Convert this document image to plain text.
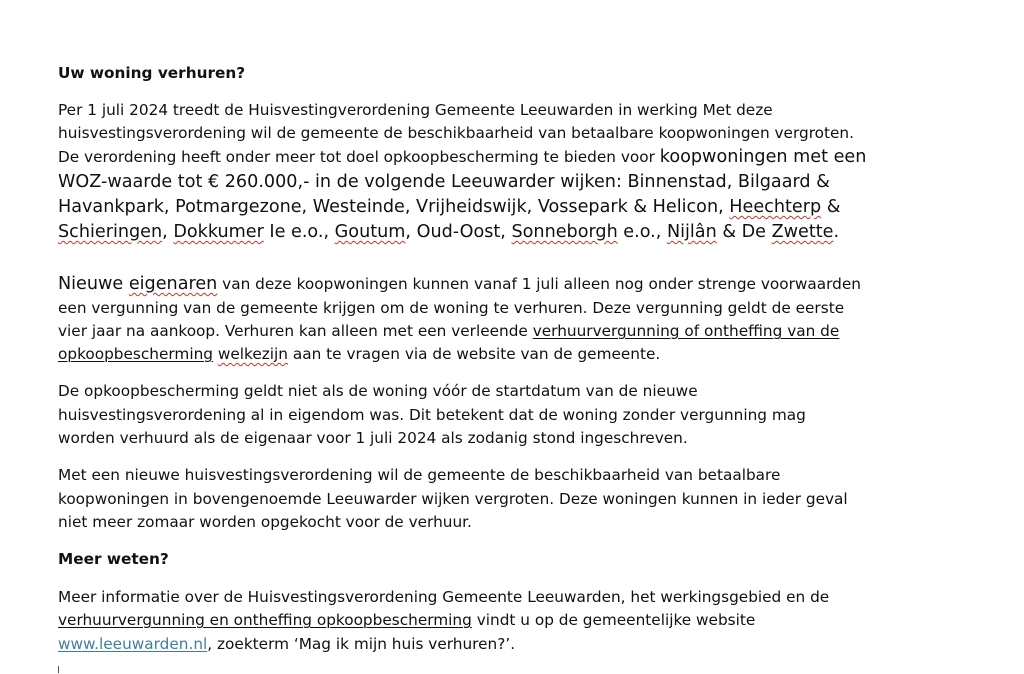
Uw woning verhuren?
Per 1 juli 2024 treedt de Huisvestingverordening Gemeente Leeuwarden in werking Met deze
huisvestingsverordening wil de gemeente de beschikbaarheid van betaalbare koopwoningen vergroten.
De verordening heeft onder meer tot doel opkoopbescherming te bieden voor koopwoningen met een
WOZ-waarde tot € 260.000,- in de volgende Leeuwarder wijken: Binnenstad, Bilgaard &
Havankpark, Potmargezone, Westeinde, Vrijheidswijk, Vossepark & Helicon, Heechterp &
Schieringen, Dokkumer Ie e.o., Goutum, Oud-Oost, Sonneborgh e.o., Nijlân & De Zwette.
Nieuwe eigenaren van deze koopwoningen kunnen vanaf 1 juli alleen nog onder strenge voorwaarden
een vergunning van de gemeente krijgen om de woning te verhuren. Deze vergunning geldt de eerste
vier jaar na aankoop. Verhuren kan alleen met een verleende verhuurvergunning of ontheffing van de
opkoopbescherming welkezijn aan te vragen via de website van de gemeente.
De opkoopbescherming geldt niet als de woning vóór de startdatum van de nieuwe
huisvestingsverordening al in eigendom was. Dit betekent dat de woning zonder vergunning mag
worden verhuurd als de eigenaar voor 1 juli 2024 als zodanig stond ingeschreven.
Met een nieuwe huisvestingsverordening wil de gemeente de beschikbaarheid van betaalbare
koopwoningen in bovengenoemde Leeuwarder wijken vergroten. Deze woningen kunnen in ieder geval
niet meer zomaar worden opgekocht voor de verhuur.
Meer weten?
Meer informatie over de Huisvestingsverordening Gemeente Leeuwarden, het werkingsgebied en de
verhuurvergunning en ontheffing opkoopbescherming vindt u op de gemeentelijke website
www.leeuwarden.nl, zoekterm ‘Mag ik mijn huis verhuren?’.
